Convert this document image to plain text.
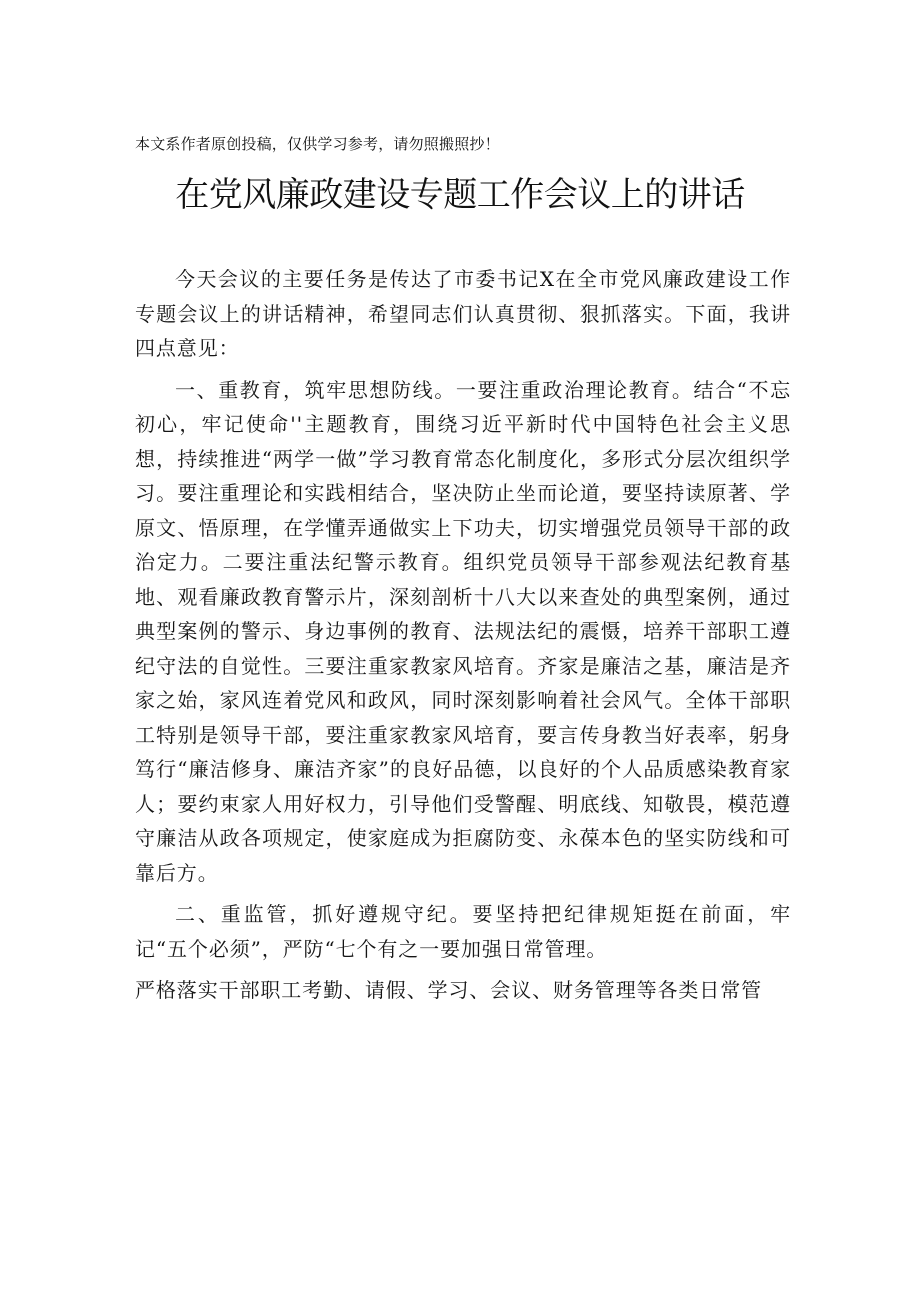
本文系作者原创投稿，仅供学习参考，请勿照搬照抄！
在党风廉政建设专题工作会议上的讲话

今天会议的主要任务是传达了市委书记X在全市党风廉政建设工作专题会议上的讲话精神，希望同志们认真贯彻、狠抓落实。下面，我讲四点意见：

一、重教育，筑牢思想防线。一要注重政治理论教育。结合“不忘初心，牢记使命''主题教育，围绕习近平新时代中国特色社会主义思想，持续推进“两学一做”学习教育常态化制度化，多形式分层次组织学习。要注重理论和实践相结合，坚决防止坐而论道，要坚持读原著、学原文、悟原理，在学懂弄通做实上下功夫，切实增强党员领导干部的政治定力。二要注重法纪警示教育。组织党员领导干部参观法纪教育基地、观看廉政教育警示片，深刻剖析十八大以来查处的典型案例，通过典型案例的警示、身边事例的教育、法规法纪的震慑，培养干部职工遵纪守法的自觉性。三要注重家教家风培育。齐家是廉洁之基，廉洁是齐家之始，家风连着党风和政风，同时深刻影响着社会风气。全体干部职工特别是领导干部，要注重家教家风培育，要言传身教当好表率，躬身笃行“廉洁修身、廉洁齐家”的良好品德，以良好的个人品质感染教育家人；要约束家人用好权力，引导他们受警醒、明底线、知敬畏，模范遵守廉洁从政各项规定，使家庭成为拒腐防变、永葆本色的坚实防线和可靠后方。

二、重监管，抓好遵规守纪。要坚持把纪律规矩挺在前面，牢记“五个必须”，严防“七个有之一要加强日常管理。

严格落实干部职工考勤、请假、学习、会议、财务管理等各类日常管
